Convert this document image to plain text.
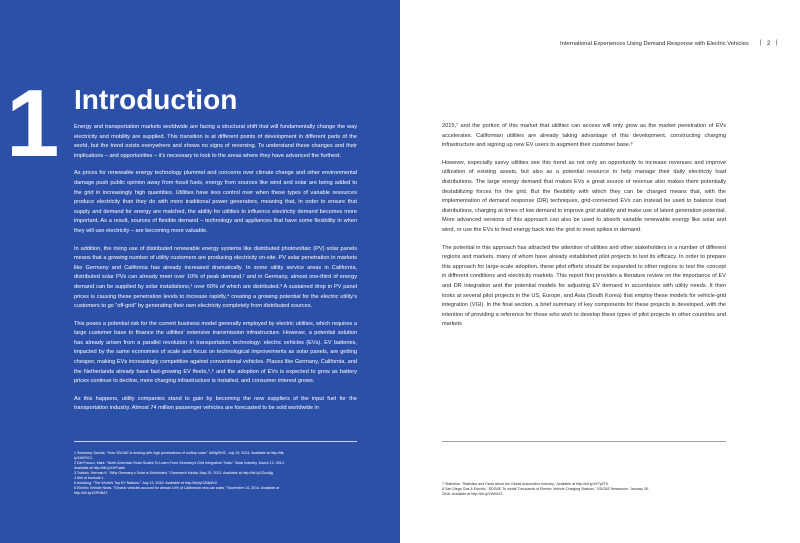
1 Introduction

Energy and transportation markets worldwide are facing a structural shift that will fundamentally change the way electricity and mobility are supplied. This transition is at different points of development in different parts of the world, but the trend exists everywhere and shows no signs of reversing. To understand these changes and their implications – and opportunities – it’s necessary to look to the areas where they have advanced the furthest.

As prices for renewable energy technology plummet and concerns over climate change and other environmental damage push public opinion away from fossil fuels, energy from sources like wind and solar are being added to the grid in increasingly high quantities. Utilities have less control over when these types of variable resources produce electricity than they do with more traditional power generators, meaning that, in order to ensure that supply and demand for energy are matched, the ability for utilities to influence electricity demand becomes more important. As a result, sources of flexible demand – technology and appliances that have some flexibility in when they will use electricity – are becoming more valuable.

In addition, the rising use of distributed renewable energy systems like distributed photovoltaic (PV) solar panels means that a growing number of utility customers are producing electricity on-site. PV solar penetration in markets like Germany and California has already increased dramatically. In some utility service areas in California, distributed solar PVs can already meet over 10% of peak demand,¹ and in Germany, almost one-third of energy demand can be supplied by solar installations,² over 60% of which are distributed.³ A sustained drop in PV panel prices is causing these penetration levels to increase rapidly,⁴ creating a growing potential for the electric utility’s customers to go “off-grid” by generating their own electricity completely from distributed sources.

This poses a potential risk for the current business model generally employed by electric utilities, which requires a large customer base to finance the utilities’ extensive transmission infrastructure. However, a potential solution has already arisen from a parallel revolution in transportation technology: electric vehicles (EVs). EV batteries, impacted by the same economies of scale and focus on technological improvements as solar panels, are getting cheaper, making EVs increasingly competitive against conventional vehicles. Places like Germany, California, and the Netherlands already have fast-growing EV fleets,⁵,⁶ and the adoption of EVs is expected to grow as battery prices continue to decline, more charging infrastructure is installed, and consumer interest grows.

As this happens, utility companies stand to gain by becoming the new suppliers of the input fuel for the transportation industry. Almost 74 million passenger vehicles are forecasted to be sold worldwide in

1 Sweeney, Davide. “How SDG&E is dealing with high penetrations of rooftop solar.” UtilityDIVE. July 29, 2014. Available at http://bit.
ly/1kWYGJ.
2 Del Franco, Mark. “North American Solar Scales To Learn From Germany’s Grid Integration Trials.” Solar Industry. March 12, 2014.
Available at http://bit.ly/1KPuabi.
3 Trabish, Herman K. “Why Germany’s Solar is Distributed.” Greentech Media. May 29, 2013. Available at http://bit.ly/1Zuw8g.
4 Ibid at footnote 1.
5 Autoblog. “The World’s Top EV Nations.” July 13, 2015. Available at http://bit.ly/1ZMpfU2.
6 Electric Vehicle News. “Electric vehicles account for almost 10% of Californian new-car sales.” November 14, 2014. Available at
http://bit.ly/1SPNBAT.
International Experiences Using Demand Response with Electric Vehicles | 2 |

2015,⁷ and the portion of this market that utilities can access will only grow as the market penetration of EVs accelerates. Californian utilities are already taking advantage of this development, constructing charging infrastructure and signing up new EV users to augment their customer base.⁸

However, especially savvy utilities see this trend as not only an opportunity to increase revenues and improve utilization of existing assets, but also as a potential resource to help manage their daily electricity load distributions. The large energy demand that makes EVs a great source of revenue also makes them potentially destabilizing forces for the grid. But the flexibility with which they can be charged means that, with the implementation of demand response (DR) techniques, grid-connected EVs can instead be used to balance load distributions, charging at times of low demand to improve grid stability and make use of latent generation potential. More advanced versions of this approach can also be used to absorb variable renewable energy like solar and wind, or use the EVs to feed energy back into the grid to meet spikes in demand.

The potential in this approach has attracted the attention of utilities and other stakeholders in a number of different regions and markets, many of whom have already established pilot projects to test its efficacy. In order to prepare this approach for large-scale adoption, these pilot efforts should be expanded to other regions to test the concept in different conditions and electricity markets. This report first provides a literature review on the importance of EV and DR integration and the potential models for adjusting EV demand in accordance with utility needs. It then looks at several pilot projects in the US, Europe, and Asia (South Korea) that employ these models for vehicle-grid integration (VGI). In the final section, a brief summary of key components for these projects is developed, with the intention of providing a reference for those who wish to develop these types of pilot projects in other countries and markets

7 Statistica. “Statistics and Facts about the Global Automotive Industry.” Available at http://bit.ly/1KTy0T5.
8 San Diego Gas & Electric. “SDG&E To Install Thousands of Electric Vehicle Charging Stations.” SDG&E Newsroom. January 28,
2016. Available at http://bit.ly/1WKiIZ2.
